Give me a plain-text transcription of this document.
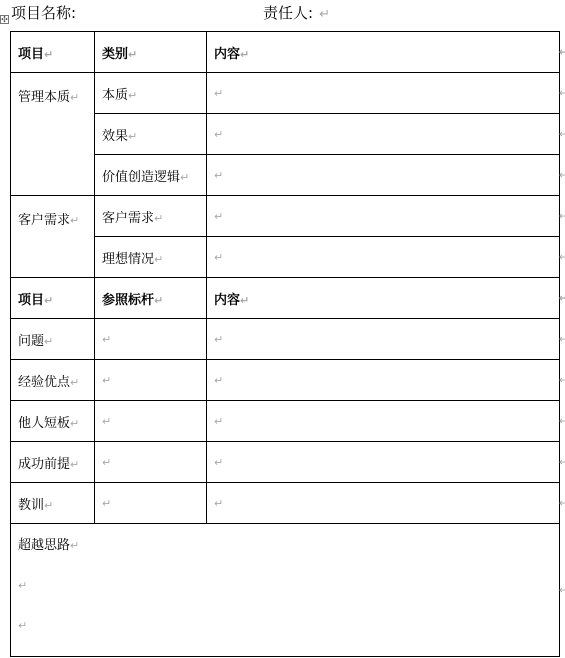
✣ 项目名称:	责任人: ↵
项目↵	类别↵	内容↵ ↵
管理本质↵	本质↵	↵ ↵
	效果↵	↵ ↵
	价值创造逻辑↵	↵ ↵
客户需求↵	客户需求↵	↵ ↵
	理想情况↵	↵ ↵
项目↵	参照标杆↵	内容↵ ↵
问题↵	↵	↵ ↵
经验优点↵	↵	↵ ↵
他人短板↵	↵	↵ ↵
成功前提↵	↵	↵ ↵
教训↵	↵	↵ ↵

超越思路↵
↵
↵
↵
